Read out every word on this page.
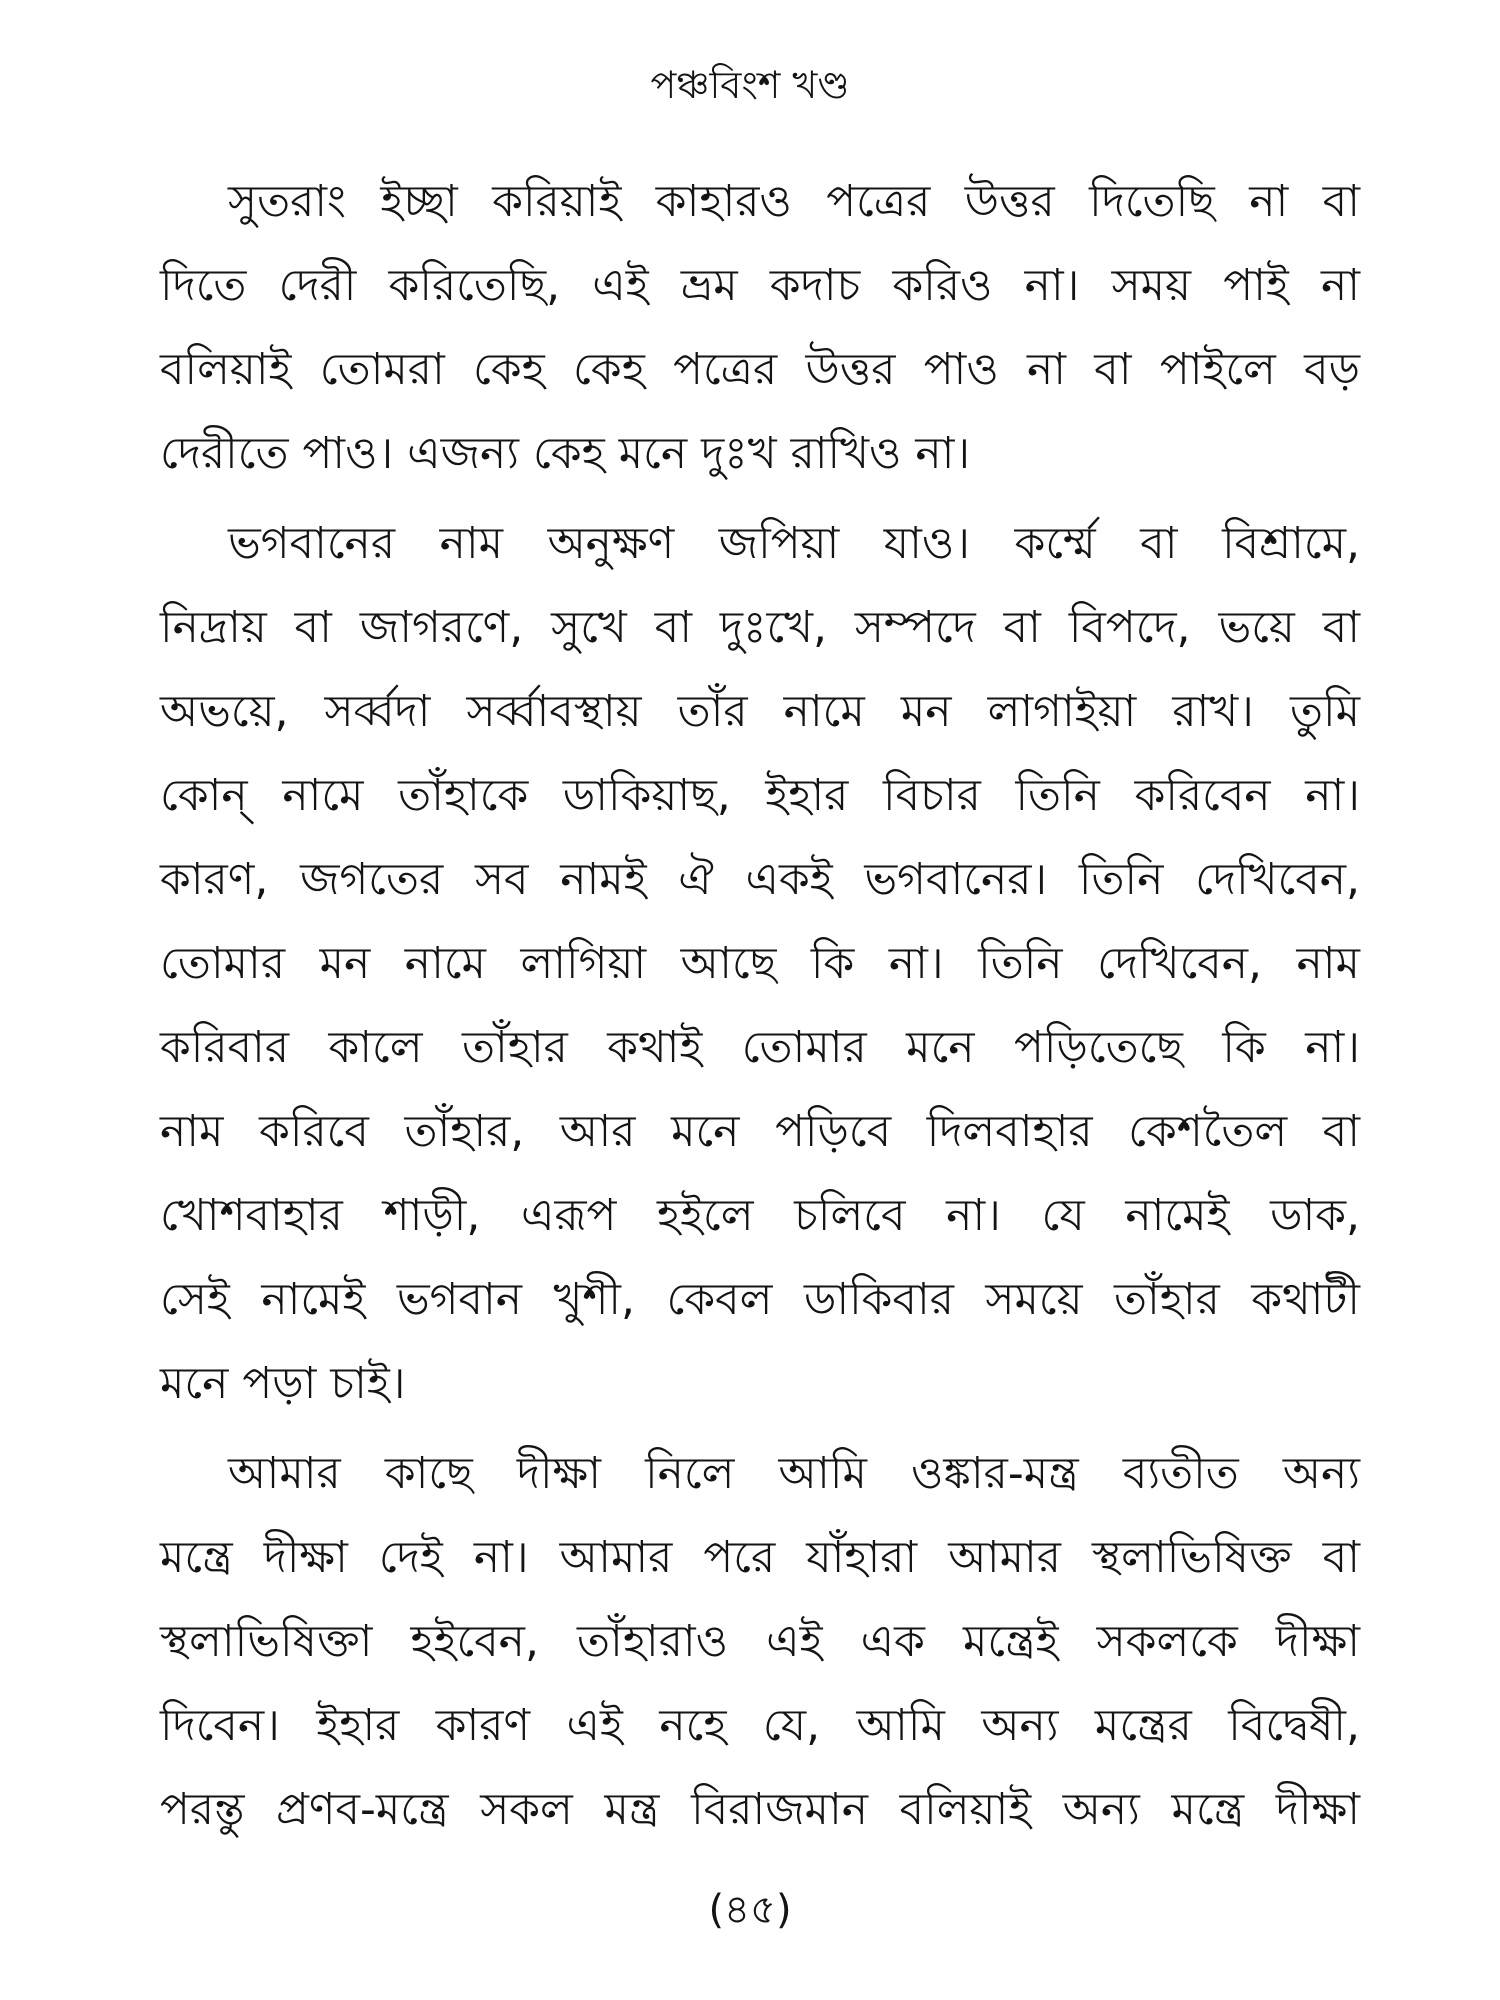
পঞ্চবিংশ খণ্ড
সুতরাং ইচ্ছা করিয়াই কাহারও পত্রের উত্তর দিতেছি না বা
দিতে দেরী করিতেছি, এই ভ্রম কদাচ করিও না। সময় পাই না
বলিয়াই তোমরা কেহ কেহ পত্রের উত্তর পাও না বা পাইলে বড়
দেরীতে পাও। এজন্য কেহ মনে দুঃখ রাখিও না।
ভগবানের নাম অনুক্ষণ জপিয়া যাও। কর্ম্মে বা বিশ্রামে,
নিদ্রায় বা জাগরণে, সুখে বা দুঃখে, সম্পদে বা বিপদে, ভয়ে বা
অভয়ে, সর্ব্বদা সর্ব্বাবস্থায় তাঁর নামে মন লাগাইয়া রাখ। তুমি
কোন্ নামে তাঁহাকে ডাকিয়াছ, ইহার বিচার তিনি করিবেন না।
কারণ, জগতের সব নামই ঐ একই ভগবানের। তিনি দেখিবেন,
তোমার মন নামে লাগিয়া আছে কি না। তিনি দেখিবেন, নাম
করিবার কালে তাঁহার কথাই তোমার মনে পড়িতেছে কি না।
নাম করিবে তাঁহার, আর মনে পড়িবে দিলবাহার কেশতৈল বা
খোশবাহার শাড়ী, এরূপ হইলে চলিবে না। যে নামেই ডাক,
সেই নামেই ভগবান খুশী, কেবল ডাকিবার সময়ে তাঁহার কথাটী
মনে পড়া চাই।
আমার কাছে দীক্ষা নিলে আমি ওঙ্কার-মন্ত্র ব্যতীত অন্য
মন্ত্রে দীক্ষা দেই না। আমার পরে যাঁহারা আমার স্থলাভিষিক্ত বা
স্থলাভিষিক্তা হইবেন, তাঁহারাও এই এক মন্ত্রেই সকলকে দীক্ষা
দিবেন। ইহার কারণ এই নহে যে, আমি অন্য মন্ত্রের বিদ্বেষী,
পরন্তু প্রণব-মন্ত্রে সকল মন্ত্র বিরাজমান বলিয়াই অন্য মন্ত্রে দীক্ষা
(৪৫)
